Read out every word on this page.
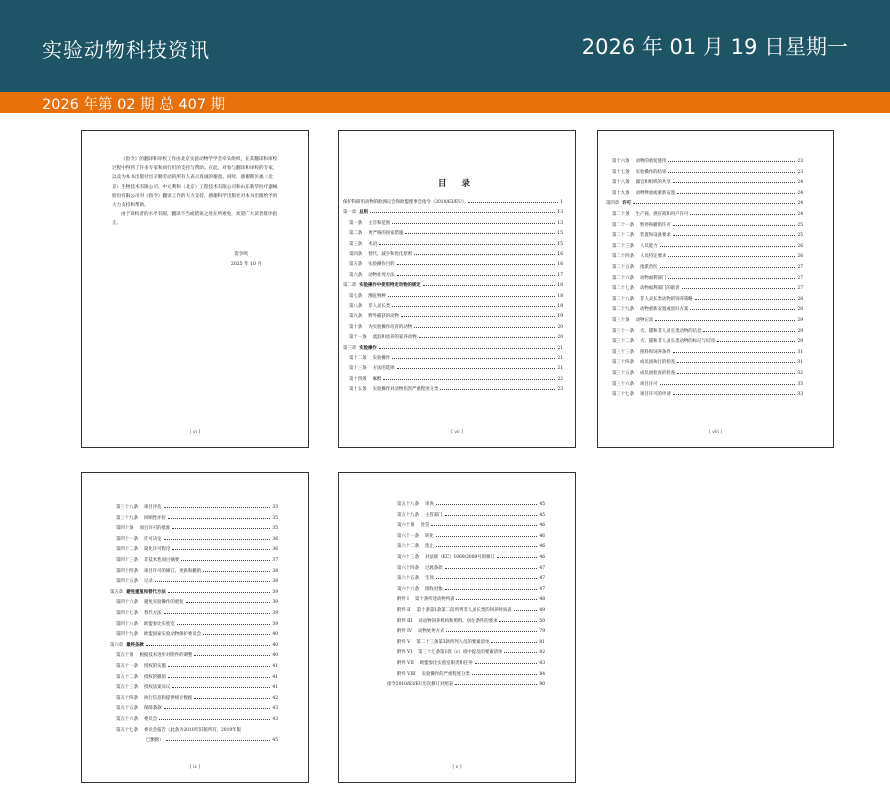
实验动物科技资讯	2026 年 01 月 19 日星期一
2026 年第 02 期 总 407 期

《指令》的翻译和审校工作由北京实验动物学学会牵头组织，在其翻译和审校过程中得到了许多专家和同行们的支持与帮助。在此，对参与翻译和审校的专家，以及为本书出版付出辛勤劳动的所有人表示真诚的谢意。同时，感谢斯贝福（北京）生物技术有限公司、中元利和（北京）工程技术有限公司和山东新华医疗器械股份有限公司对《指令》翻译工作的大力支持，感谢科学出版社对本书出版给予的大力支持和帮助。

由于译校者的水平有限，翻译不当或错误之处在所难免，欢迎广大读者批评指正。

贺争鸣
2025 年 10 月
[ vi ]
目 录
保护科研用动物的欧洲议会和欧盟理事会指令（2010/63/EU）	1
第一章 总则	13
第一条 主旨和范围	13
第二条 更严格的国家措施	15
第三条 术语	15
第四条 替代、减少和优化原则	16
第五条 实验操作目的	16
第六条 动物处死方法	17
第二章 实验操作中使用特定动物的规定	18
第七条 濒危物种	18
第八条 非人灵长类	18
第九条 野外捕获的动物	19
第十条 为实验操作培育的动物	20
第十一条 流浪和放养的家养动物	20
第三章 实验操作	21
第十二条 实验操作	21
第十三条 方法的选择	21
第十四条 麻醉	22
第十五条 实验操作对动物伤害严重程度分类	23
[ vii ]
第十六条 动物的重复使用	23
第十七条 实验操作的结束	23
第十八条 器官和组织的共享	24
第十九条 动物释放或重新安置	24
第四章 许可	24
第二十条 生产商、供应商和用户许可	24
第二十一条 暂停和撤销许可	25
第二十二条 装置和设备要求	25
第二十三条 人员能力	26
第二十四条 人员特定要求	26
第二十五条 指派兽医	27
第二十六条 动物福利部门	27
第二十七条 动物福利部门的职责	27
第二十八条 非人灵长类动物的饲养策略	28
第二十九条 动物重新安置或放归方案	28
第三十条 动物记录	29
第三十一条 犬、猫和非人灵长类动物的信息	29
第三十二条 犬、猫和非人灵长类动物的标记与识别	29
第三十三条 照料和饲养条件	31
第三十四条 成员国执行的检查	31
第三十五条 成员国检查的检查	32
第三十六条 项目许可	33
第三十七条 项目许可的申请	33
[ viii ]
第三十八条 项目评估	33
第三十九条 回顾性评价	35
第四十条 项目许可的批准	35
第四十一条 许可决定	36
第四十二条 简化许可程序	36
第四十三条 非技术性项目摘要	37
第四十四条 项目许可的修订、更新和撤销	38
第四十五条 记录	38
第五章 避免重复和替代方法	39
第四十六条 避免实验操作的重复	39
第四十七条 替代方法	39
第四十八条 欧盟参比实验室	39
第四十九条 欧盟国家实验动物保护委员会	40
第六章 最终条款	40
第五十条 根据技术进步对附件的调整	40
第五十一条 授权的实施	41
第五十二条 授权的撤销	41
第五十三条 授权法案异议	41
第五十四条 执行信息和提供统计数据	42
第五十五条 保障条款	43
第五十六条 委员会	43
第五十七条 委员会报告（此条为2010年旧版所有，2019年版
已删除）	45
[ ix ]
第五十八条 审查	45
第五十九条 主管部门	45
第六十条 处罚	46
第六十一条 转化	46
第六十二条 废止	46
第六十三条 对法规（EC）1069/2009号的修订	46
第六十四条 过渡条款	47
第六十五条 生效	47
第六十六条 接收对象	47
附件 I 第十条所述动物列表	48
附件 II 第十条第1款第二段所列非人灵长类的饲养时间表	49
附件 III 对动物饲养机构和照料、居住条件的要求	50
附件 IV 动物处死方式	79
附件 V 第二十三条第3款所列人员的要素清单	81
附件 VI 第三十七条第1款（c）项中提及的要素清单	82
附件 VII 欧盟参比实验室职责和任务	83
附件 VIII 实验操作的严重程度分类	84
指令2010/63/EU历次修订对照表	90
[ x ]
